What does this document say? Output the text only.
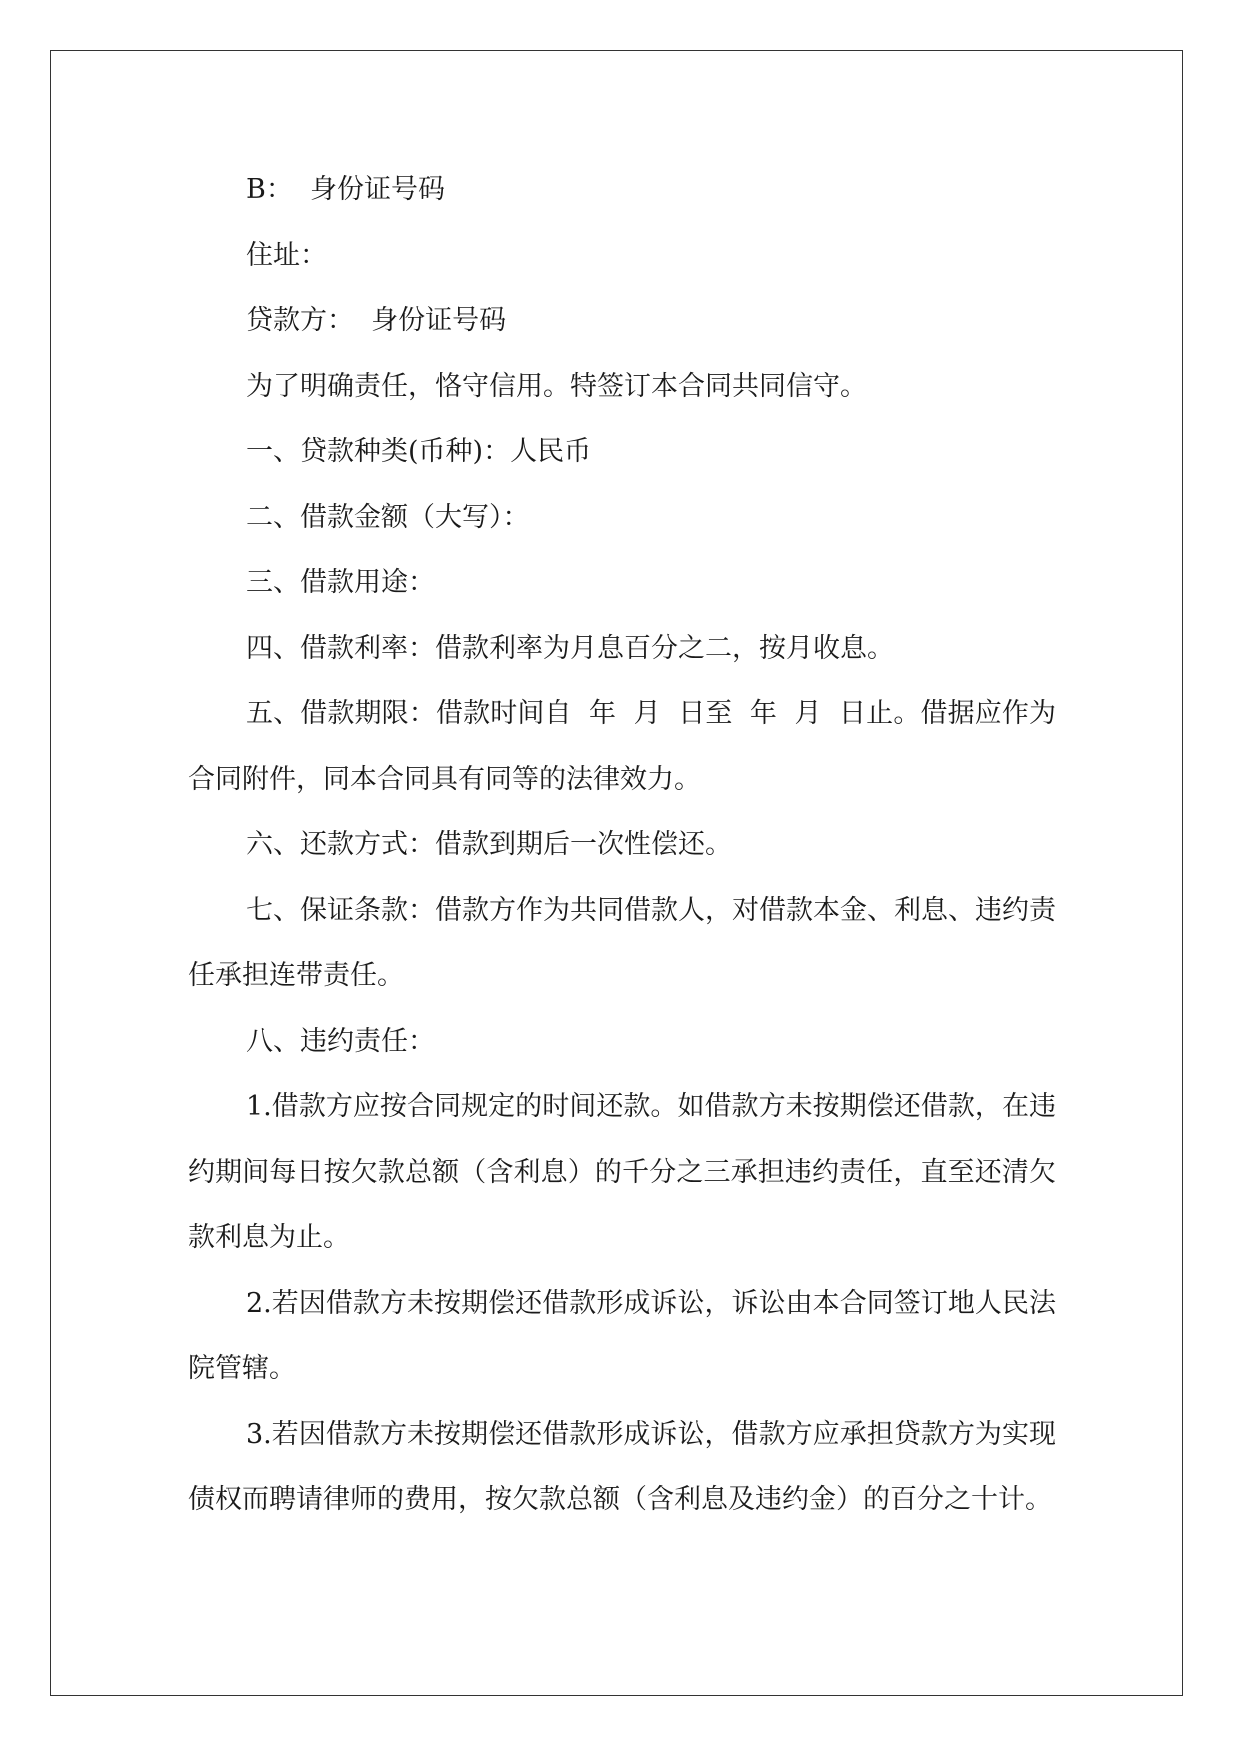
B：  身份证号码

住址：

贷款方：  身份证号码

为了明确责任，恪守信用。特签订本合同共同信守。

一、贷款种类(币种)：人民币

二、借款金额（大写）：

三、借款用途：

四、借款利率：借款利率为月息百分之二，按月收息。

五、借款期限：借款时间自  年  月  日至  年  月  日止。借据应作为合同附件，同本合同具有同等的法律效力。

六、还款方式：借款到期后一次性偿还。

七、保证条款：借款方作为共同借款人，对借款本金、利息、违约责任承担连带责任。

八、违约责任：

1.借款方应按合同规定的时间还款。如借款方未按期偿还借款，在违约期间每日按欠款总额（含利息）的千分之三承担违约责任，直至还清欠款利息为止。

2.若因借款方未按期偿还借款形成诉讼，诉讼由本合同签订地人民法院管辖。

3.若因借款方未按期偿还借款形成诉讼，借款方应承担贷款方为实现债权而聘请律师的费用，按欠款总额（含利息及违约金）的百分之十计。
